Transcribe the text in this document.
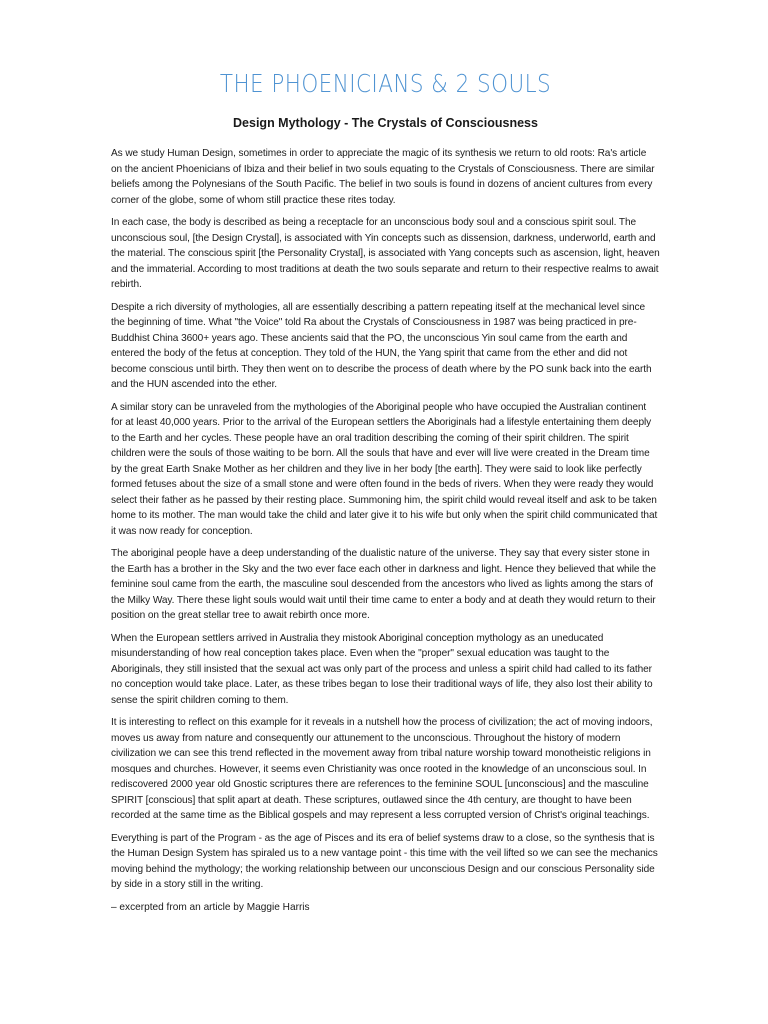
THE PHOENICIANS & 2 SOULS
Design Mythology - The Crystals of Consciousness

As we study Human Design, sometimes in order to appreciate the magic of its synthesis we return to old roots: Ra's article on the ancient Phoenicians of Ibiza and their belief in two souls equating to the Crystals of Consciousness. There are similar beliefs among the Polynesians of the South Pacific. The belief in two souls is found in dozens of ancient cultures from every corner of the globe, some of whom still practice these rites today.

In each case, the body is described as being a receptacle for an unconscious body soul and a conscious spirit soul. The unconscious soul, [the Design Crystal], is associated with Yin concepts such as dissension, darkness, underworld, earth and the material. The conscious spirit [the Personality Crystal], is associated with Yang concepts such as ascension, light, heaven and the immaterial. According to most traditions at death the two souls separate and return to their respective realms to await rebirth.

Despite a rich diversity of mythologies, all are essentially describing a pattern repeating itself at the mechanical level since the beginning of time. What "the Voice" told Ra about the Crystals of Consciousness in 1987 was being practiced in pre-Buddhist China 3600+ years ago. These ancients said that the PO, the unconscious Yin soul came from the earth and entered the body of the fetus at conception. They told of the HUN, the Yang spirit that came from the ether and did not become conscious until birth. They then went on to describe the process of death where by the PO sunk back into the earth and the HUN ascended into the ether.

A similar story can be unraveled from the mythologies of the Aboriginal people who have occupied the Australian continent for at least 40,000 years. Prior to the arrival of the European settlers the Aboriginals had a lifestyle entertaining them deeply to the Earth and her cycles. These people have an oral tradition describing the coming of their spirit children. The spirit children were the souls of those waiting to be born. All the souls that have and ever will live were created in the Dream time by the great Earth Snake Mother as her children and they live in her body [the earth]. They were said to look like perfectly formed fetuses about the size of a small stone and were often found in the beds of rivers. When they were ready they would select their father as he passed by their resting place. Summoning him, the spirit child would reveal itself and ask to be taken home to its mother. The man would take the child and later give it to his wife but only when the spirit child communicated that it was now ready for conception.

The aboriginal people have a deep understanding of the dualistic nature of the universe. They say that every sister stone in the Earth has a brother in the Sky and the two ever face each other in darkness and light. Hence they believed that while the feminine soul came from the earth, the masculine soul descended from the ancestors who lived as lights among the stars of the Milky Way. There these light souls would wait until their time came to enter a body and at death they would return to their position on the great stellar tree to await rebirth once more.

When the European settlers arrived in Australia they mistook Aboriginal conception mythology as an uneducated misunderstanding of how real conception takes place. Even when the "proper" sexual education was taught to the Aboriginals, they still insisted that the sexual act was only part of the process and unless a spirit child had called to its father no conception would take place. Later, as these tribes began to lose their traditional ways of life, they also lost their ability to sense the spirit children coming to them.

It is interesting to reflect on this example for it reveals in a nutshell how the process of civilization; the act of moving indoors, moves us away from nature and consequently our attunement to the unconscious. Throughout the history of modern civilization we can see this trend reflected in the movement away from tribal nature worship toward monotheistic religions in mosques and churches. However, it seems even Christianity was once rooted in the knowledge of an unconscious soul. In rediscovered 2000 year old Gnostic scriptures there are references to the feminine SOUL [unconscious] and the masculine SPIRIT [conscious] that split apart at death. These scriptures, outlawed since the 4th century, are thought to have been recorded at the same time as the Biblical gospels and may represent a less corrupted version of Christ's original teachings.

Everything is part of the Program - as the age of Pisces and its era of belief systems draw to a close, so the synthesis that is the Human Design System has spiraled us to a new vantage point - this time with the veil lifted so we can see the mechanics moving behind the mythology; the working relationship between our unconscious Design and our conscious Personality side by side in a story still in the writing.

– excerpted from an article by Maggie Harris
